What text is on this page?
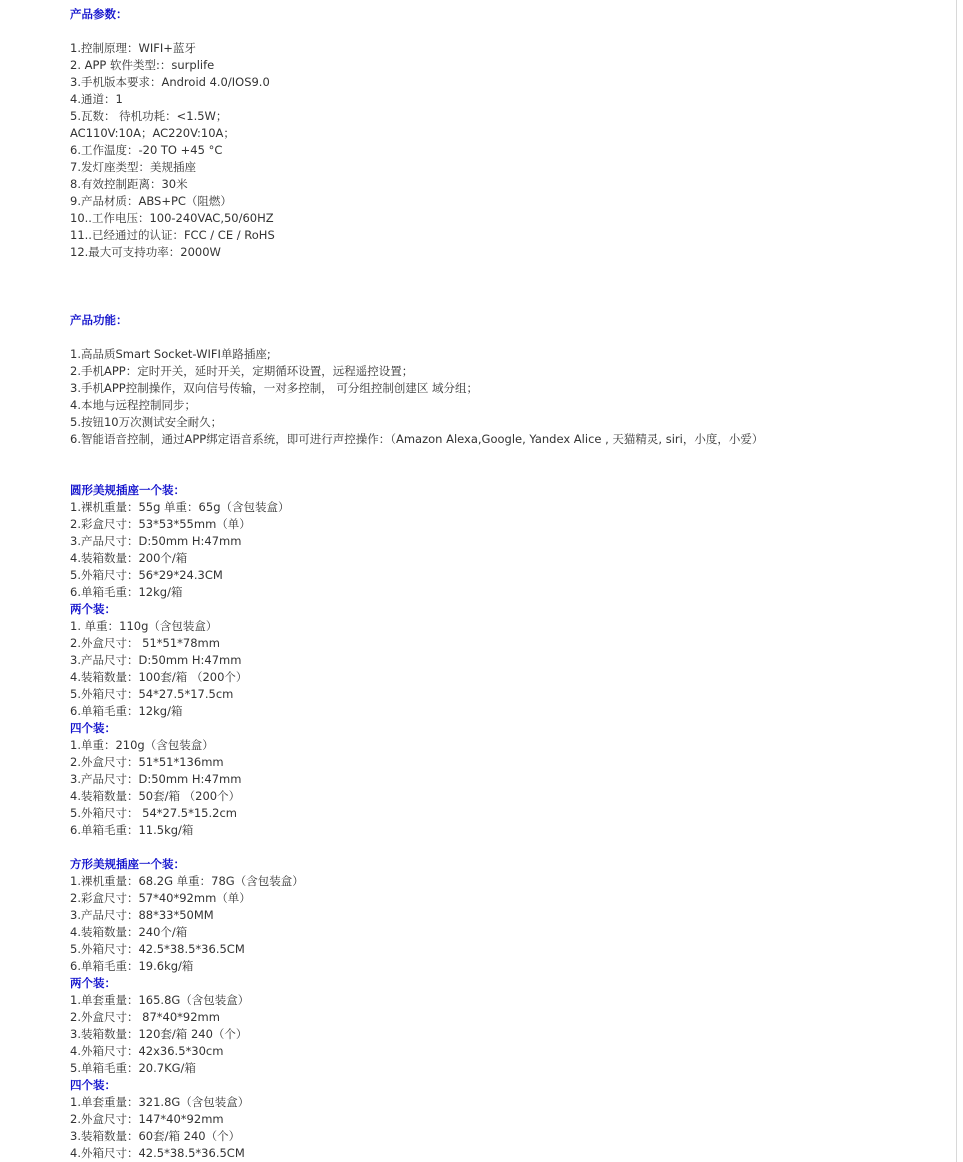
产品参数：
1.控制原理：WIFI+蓝牙
2. APP 软件类型:：surplife
3.手机版本要求：Android 4.0/IOS9.0
4.通道：1
5.瓦数： 待机功耗：<1.5W；
AC110V:10A；AC220V:10A；
6.工作温度：-20 TO +45 °C
7.发灯座类型：美规插座
8.有效控制距离：30米
9.产品材质：ABS+PC（阻燃）
10..工作电压：100-240VAC,50/60HZ
11..已经通过的认证：FCC / CE / RoHS
12.最大可支持功率：2000W
产品功能：
1.高品质Smart Socket-WIFI单路插座;
2.手机APP：定时开关，延时开关，定期循环设置，远程遥控设置；
3.手机APP控制操作，双向信号传输，一对多控制， 可分组控制创建区 域分组；
4.本地与远程控制同步；
5.按钮10万次测试安全耐久；
6.智能语音控制，通过APP绑定语音系统，即可进行声控操作：（Amazon Alexa,Google, Yandex Alice , 天猫精灵, siri，小度，小爱）
圆形美规插座一个装：
1.裸机重量：55g 单重：65g（含包装盒）
2.彩盒尺寸：53*53*55mm（单）
3.产品尺寸：D:50mm H:47mm
4.装箱数量：200个/箱
5.外箱尺寸：56*29*24.3CM
6.单箱毛重：12kg/箱
两个装：
1. 单重：110g（含包装盒）
2.外盒尺寸： 51*51*78mm
3.产品尺寸：D:50mm H:47mm
4.装箱数量：100套/箱 （200个）
5.外箱尺寸：54*27.5*17.5cm
6.单箱毛重：12kg/箱
四个装：
1.单重：210g（含包装盒）
2.外盒尺寸：51*51*136mm
3.产品尺寸：D:50mm H:47mm
4.装箱数量：50套/箱 （200个）
5.外箱尺寸： 54*27.5*15.2cm
6.单箱毛重：11.5kg/箱
方形美规插座一个装：
1.裸机重量：68.2G 单重：78G（含包装盒）
2.彩盒尺寸：57*40*92mm（单）
3.产品尺寸：88*33*50MM
4.装箱数量：240个/箱
5.外箱尺寸：42.5*38.5*36.5CM
6.单箱毛重：19.6kg/箱
两个装：
1.单套重量：165.8G（含包装盒）
2.外盒尺寸： 87*40*92mm
3.装箱数量：120套/箱 240（个）
4.外箱尺寸：42x36.5*30cm
5.单箱毛重：20.7KG/箱
四个装：
1.单套重量：321.8G（含包装盒）
2.外盒尺寸：147*40*92mm
3.装箱数量：60套/箱 240（个）
4.外箱尺寸：42.5*38.5*36.5CM
